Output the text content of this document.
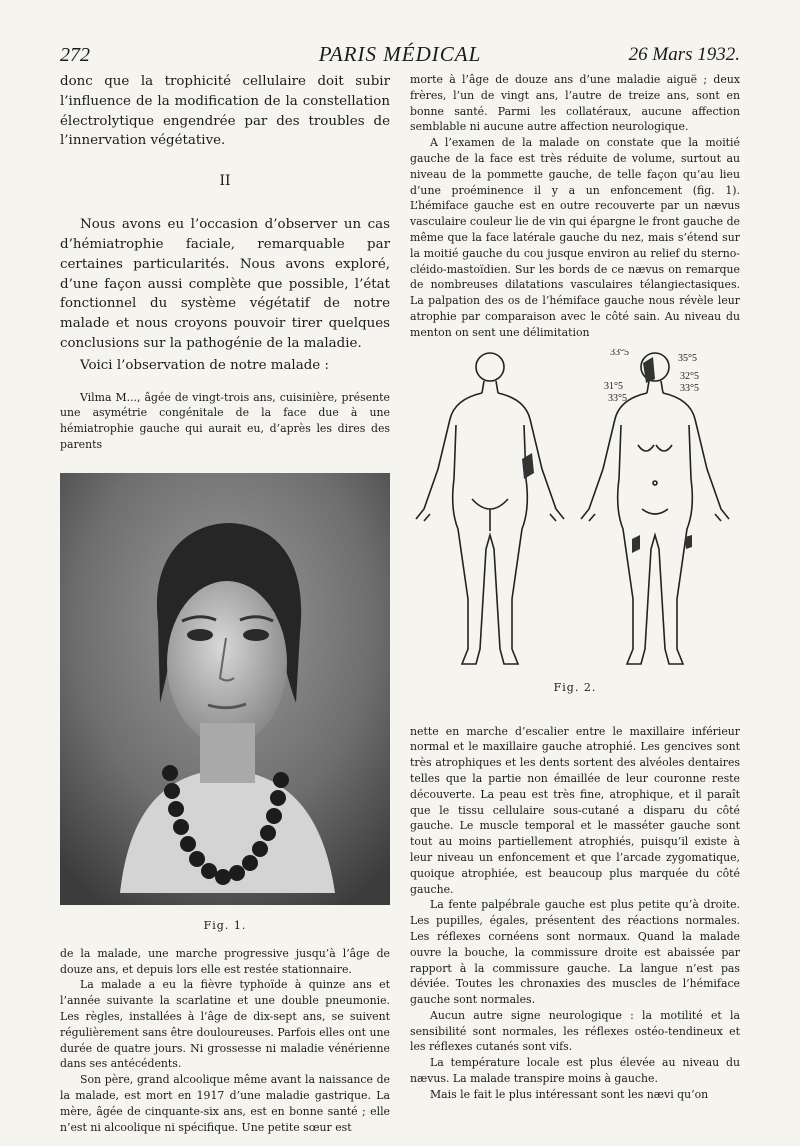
272	PARIS MÉDICAL	26 Mars 1932.

donc que la trophicité cellulaire doit subir l’influence de la modification de la constellation électrolytique engendrée par des troubles de l’innervation végétative.

II

Nous avons eu l’occasion d’observer un cas d’hémiatrophie faciale, remarquable par certaines particularités. Nous avons exploré, d’une façon aussi complète que possible, l’état fonctionnel du système végétatif de notre malade et nous croyons pouvoir tirer quelques conclusions sur la pathogénie de la maladie.

Voici l’observation de notre malade :

Vilma M..., âgée de vingt-trois ans, cuisinière, présente une asymétrie congénitale de la face due à une hémiatrophie gauche qui aurait eu, d’après les dires des parents

Fig. 1.

de la malade, une marche progressive jusqu’à l’âge de douze ans, et depuis lors elle est restée stationnaire.

La malade a eu la fièvre typhoïde à quinze ans et l’année suivante la scarlatine et une double pneumonie. Les règles, installées à l’âge de dix-sept ans, se suivent régulièrement sans être douloureuses. Parfois elles ont une durée de quatre jours. Ni grossesse ni maladie vénérienne dans ses antécédents.

Son père, grand alcoolique même avant la naissance de la malade, est mort en 1917 d’une maladie gastrique. La mère, âgée de cinquante-six ans, est en bonne santé ; elle n’est ni alcoolique ni spécifique. Une petite sœur est

morte à l’âge de douze ans d’une maladie aiguë ; deux frères, l’un de vingt ans, l’autre de treize ans, sont en bonne santé. Parmi les collatéraux, aucune affection semblable ni aucune autre affection neurologique.

A l’examen de la malade on constate que la moitié gauche de la face est très réduite de volume, surtout au niveau de la pommette gauche, de telle façon qu’au lieu d’une proéminence il y a un enfoncement (fig. 1). L’hémiface gauche est en outre recouverte par un nævus vasculaire couleur lie de vin qui épargne le front gauche de même que la face latérale gauche du nez, mais s’étend sur la moitié gauche du cou jusque environ au relief du sterno-cléido-mastoïdien. Sur les bords de ce nævus on remarque de nombreuses dilatations vasculaires télangiectasiques. La palpation des os de l’hémiface gauche nous révèle leur atrophie par comparaison avec le côté sain. Au niveau du menton on sent une délimitation

33°5
35°5
32°5
31°5
33°5
33°5
Fig. 2.

nette en marche d’escalier entre le maxillaire inférieur normal et le maxillaire gauche atrophié. Les gencives sont très atrophiques et les dents sortent des alvéoles dentaires telles que la partie non émaillée de leur couronne reste découverte. La peau est très fine, atrophique, et il paraît que le tissu cellulaire sous-cutané a disparu du côté gauche. Le muscle temporal et le masséter gauche sont tout au moins partiellement atrophiés, puisqu’il existe à leur niveau un enfoncement et que l’arcade zygomatique, quoique atrophiée, est beaucoup plus marquée du côté gauche.

La fente palpébrale gauche est plus petite qu’à droite. Les pupilles, égales, présentent des réactions normales. Les réflexes cornéens sont normaux. Quand la malade ouvre la bouche, la commissure droite est abaissée par rapport à la commissure gauche. La langue n’est pas déviée. Toutes les chronaxies des muscles de l’hémiface gauche sont normales.

Aucun autre signe neurologique : la motilité et la sensibilité sont normales, les réflexes ostéo-tendineux et les réflexes cutanés sont vifs.

La température locale est plus élevée au niveau du nævus. La malade transpire moins à gauche.

Mais le fait le plus intéressant sont les nævi qu’on
